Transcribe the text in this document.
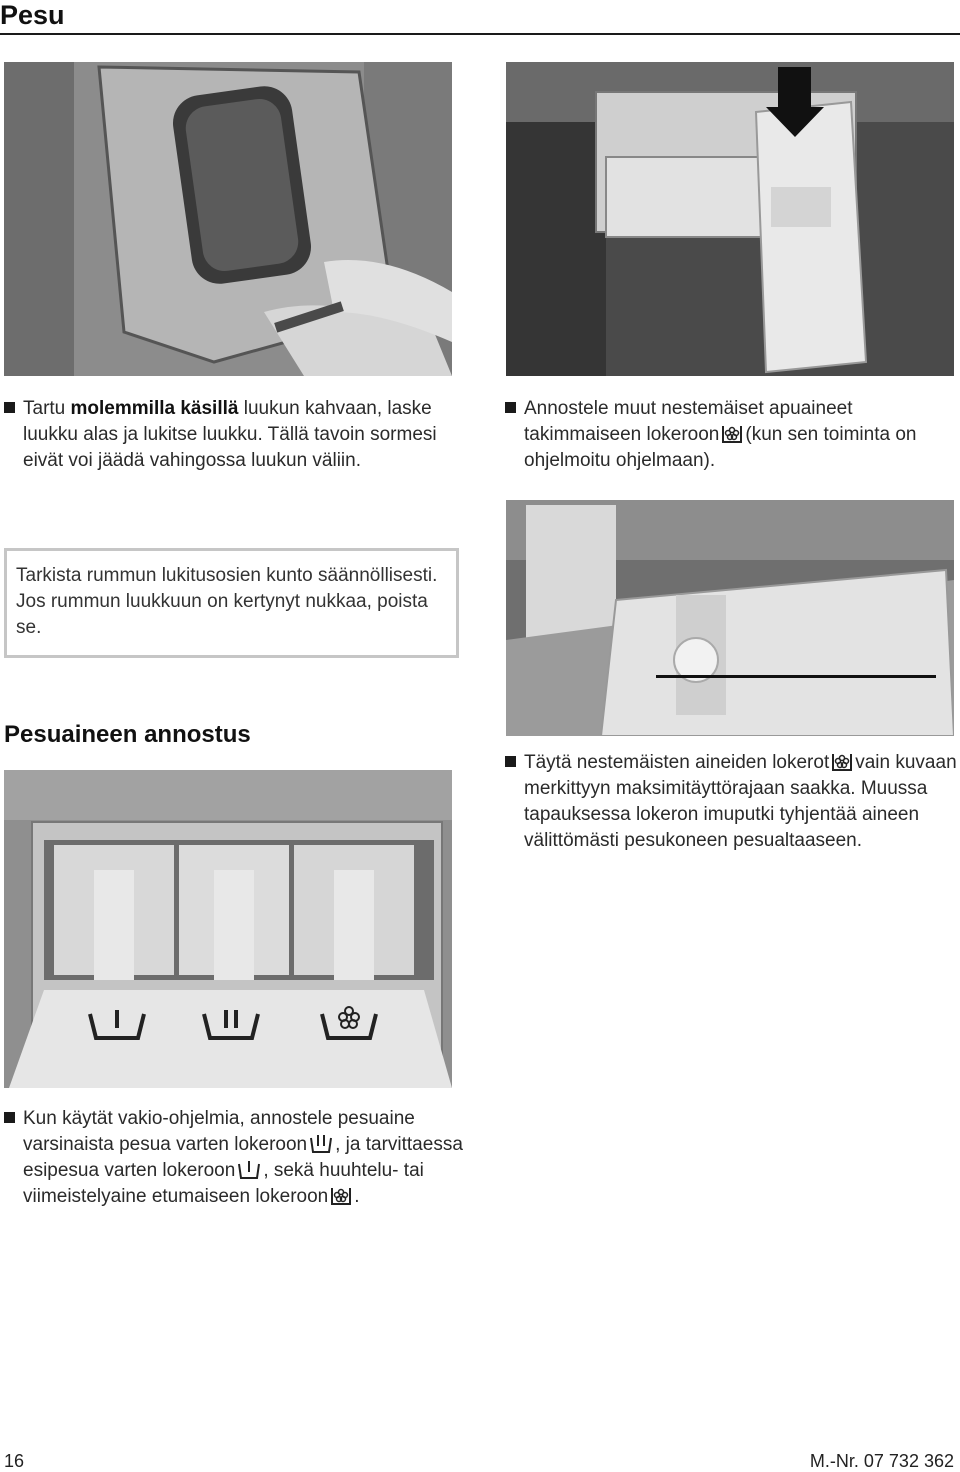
Pesu

Tartu molemmilla käsillä luukun kahvaan, laske luukku alas ja lukitse luukku. Tällä tavoin sormesi eivät voi jäädä vahingossa luukun väliin.

Annostele muut nestemäiset apuaineet takimmaiseen lokeroon (kun sen toiminta on ohjelmoitu ohjelmaan).

Tarkista rummun lukitusosien kunto säännöllisesti. Jos rummun luukkuun on kertynyt nukkaa, poista se.
Pesuaineen annostus

Täytä nestemäisten aineiden lokerot vain kuvaan merkittyyn maksimitäyttörajaan saakka. Muussa tapauksessa lokeron imuputki tyhjentää aineen välittömästi pesukoneen pesualtaaseen.

Kun käytät vakio-ohjelmia, annostele pesuaine varsinaista pesua varten lokeroon , ja tarvittaessa esipesua varten lokeroon , sekä huuhtelu- tai viimeistelyaine etumaiseen lokeroon .

16	M.-Nr. 07 732 362
